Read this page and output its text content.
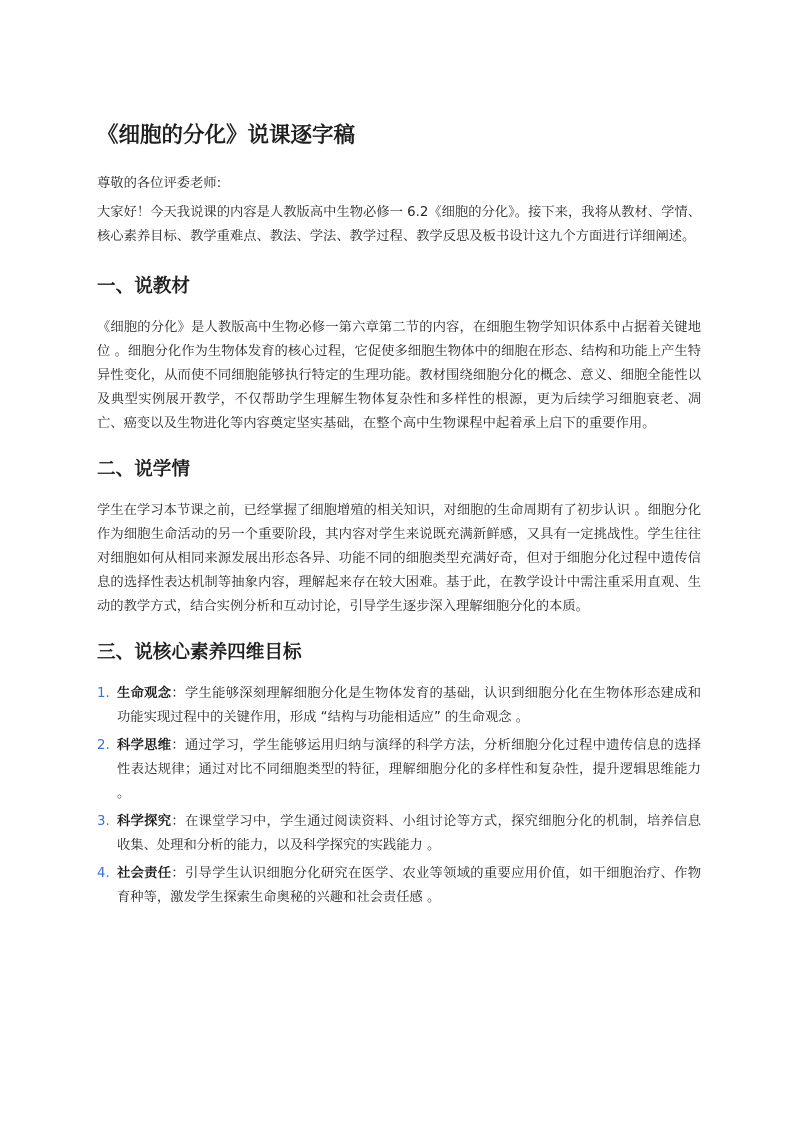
《细胞的分化》说课逐字稿

尊敬的各位评委老师:

大家好！今天我说课的内容是人教版高中生物必修一 6.2《细胞的分化》。接下来，我将从教材、学情、核心素养目标、教学重难点、教法、学法、教学过程、教学反思及板书设计这九个方面进行详细阐述。

一、说教材

《细胞的分化》是人教版高中生物必修一第六章第二节的内容，在细胞生物学知识体系中占据着关键地位 。细胞分化作为生物体发育的核心过程，它促使多细胞生物体中的细胞在形态、结构和功能上产生特异性变化，从而使不同细胞能够执行特定的生理功能。教材围绕细胞分化的概念、意义、细胞全能性以及典型实例展开教学，不仅帮助学生理解生物体复杂性和多样性的根源，更为后续学习细胞衰老、凋亡、癌变以及生物进化等内容奠定坚实基础，在整个高中生物课程中起着承上启下的重要作用。

二、说学情

学生在学习本节课之前，已经掌握了细胞增殖的相关知识，对细胞的生命周期有了初步认识 。细胞分化作为细胞生命活动的另一个重要阶段，其内容对学生来说既充满新鲜感，又具有一定挑战性。学生往往对细胞如何从相同来源发展出形态各异、功能不同的细胞类型充满好奇，但对于细胞分化过程中遗传信息的选择性表达机制等抽象内容，理解起来存在较大困难。基于此，在教学设计中需注重采用直观、生动的教学方式，结合实例分析和互动讨论，引导学生逐步深入理解细胞分化的本质。

三、说核心素养四维目标
1. 生命观念：学生能够深刻理解细胞分化是生物体发育的基础，认识到细胞分化在生物体形态建成和功能实现过程中的关键作用，形成 “结构与功能相适应” 的生命观念 。
2. 科学思维：通过学习，学生能够运用归纳与演绎的科学方法，分析细胞分化过程中遗传信息的选择性表达规律；通过对比不同细胞类型的特征，理解细胞分化的多样性和复杂性，提升逻辑思维能力 。
3. 科学探究：在课堂学习中，学生通过阅读资料、小组讨论等方式，探究细胞分化的机制，培养信息收集、处理和分析的能力，以及科学探究的实践能力 。
4. 社会责任：引导学生认识细胞分化研究在医学、农业等领域的重要应用价值，如干细胞治疗、作物育种等，激发学生探索生命奥秘的兴趣和社会责任感 。
